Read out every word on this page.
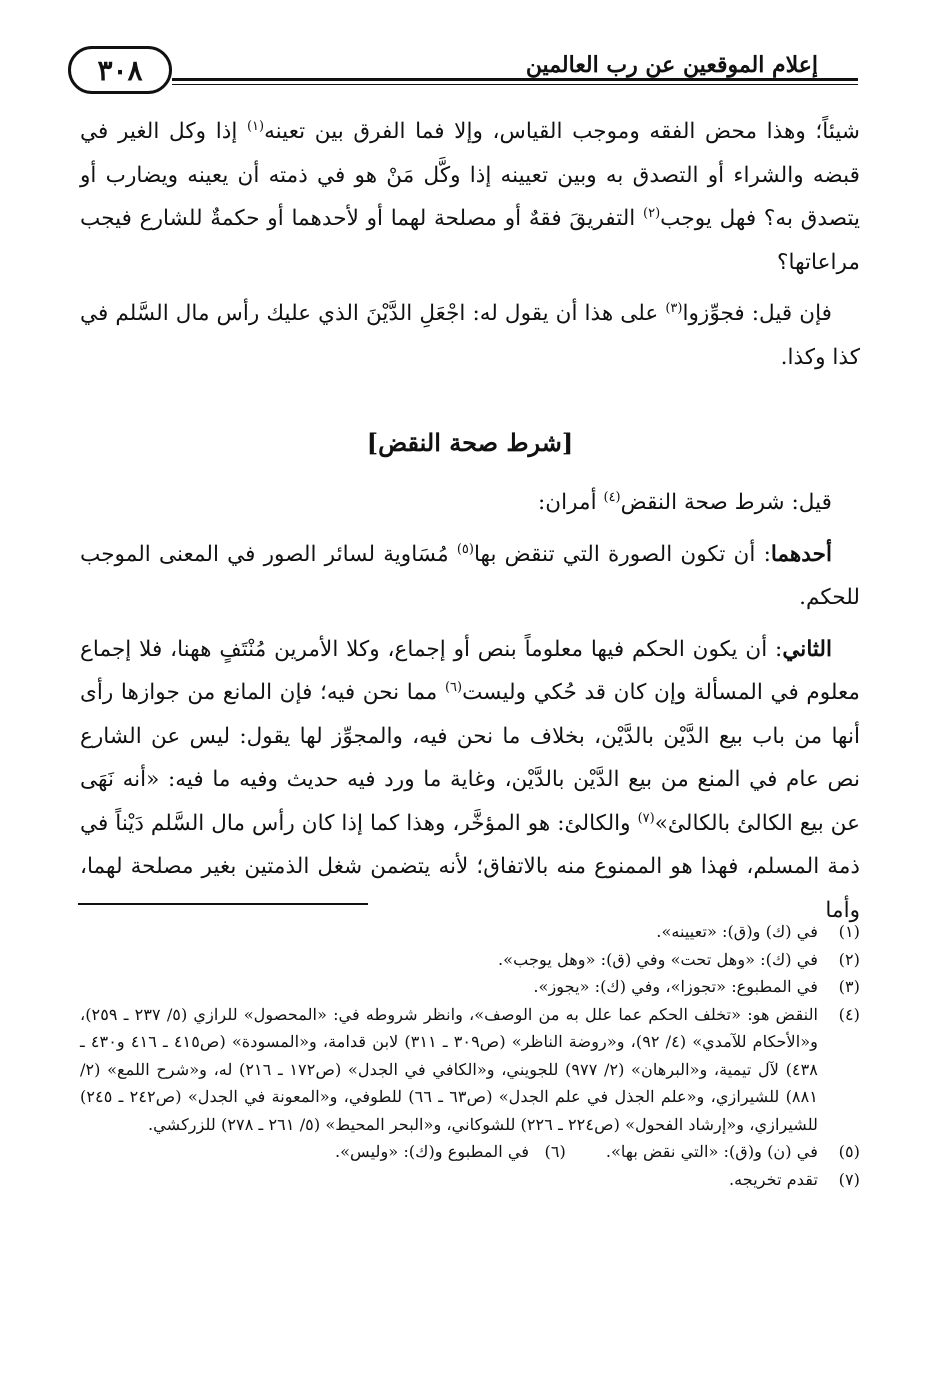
إعلام الموقعين عن رب العالمين
٣٠٨

شيئاً؛ وهذا محض الفقه وموجب القياس، وإلا فما الفرق بين تعينه$^{(١)}$ إذا وكل الغير في قبضه والشراء أو التصدق به وبين تعيينه إذا وكَّل مَنْ هو في ذمته أن يعينه ويضارب أو يتصدق به؟ فهل يوجب$^{(٢)}$ التفريقَ فقهٌ أو مصلحة لهما أو لأحدهما أو حكمةٌ للشارع فيجب مراعاتها؟

فإن قيل: فجوِّزوا$^{(٣)}$ على هذا أن يقول له: اجْعَلِ الدَّيْنَ الذي عليك رأس مال السَّلم في كذا وكذا.

[شرط صحة النقض]

قيل: شرط صحة النقض$^{(٤)}$ أمران:

أحدهما: أن تكون الصورة التي تنقض بها$^{(٥)}$ مُسَاوية لسائر الصور في المعنى الموجب للحكم.

الثاني: أن يكون الحكم فيها معلوماً بنص أو إجماع، وكلا الأمرين مُنْتَفٍ ههنا، فلا إجماع معلوم في المسألة وإن كان قد حُكي وليست$^{(٦)}$ مما نحن فيه؛ فإن المانع من جوازها رأى أنها من باب بيع الدَّيْن بالدَّيْن، بخلاف ما نحن فيه، والمجوِّز لها يقول: ليس عن الشارع نص عام في المنع من بيع الدَّيْن بالدَّيْن، وغاية ما ورد فيه حديث وفيه ما فيه: «أنه نَهَى عن بيع الكالئ بالكالئ»$^{(٧)}$ والكالئ: هو المؤخَّر، وهذا كما إذا كان رأس مال السَّلم دَيْناً في ذمة المسلم، فهذا هو الممنوع منه بالاتفاق؛ لأنه يتضمن شغل الذمتين بغير مصلحة لهما، وأما

(١)
في (ك) و(ق): «تعيينه».
(٢)
في (ك): «وهل تحت» وفي (ق): «وهل يوجب».
(٣)
في المطبوع: «تجوزا»، وفي (ك): «يجوز».
(٤)
النقض هو: «تخلف الحكم عما علل به من الوصف»، وانظر شروطه في: «المحصول» للرازي (٥/ ٢٣٧ ـ ٢٥٩)، و«الأحكام للآمدي» (٤/ ٩٢)، و«روضة الناظر» (ص٣٠٩ ـ ٣١١) لابن قدامة، و«المسودة» (ص٤١٥ ـ ٤١٦ و٤٣٠ ـ ٤٣٨) لآل تيمية، و«البرهان» (٢/ ٩٧٧) للجويني، و«الكافي في الجدل» (ص١٧٢ ـ ٢١٦) له، و«شرح اللمع» (٢/ ٨٨١) للشيرازي، و«علم الجذل في علم الجدل» (ص٦٣ ـ ٦٦) للطوفي، و«المعونة في الجدل» (ص٢٤٢ ـ ٢٤٥) للشيرازي، و«إرشاد الفحول» (ص٢٢٤ ـ ٢٢٦) للشوكاني، و«البحر المحيط» (٥/ ٢٦١ ـ ٢٧٨) للزركشي.
(٥)
في (ن) و(ق): «التي نقض بها».(٦)   في المطبوع و(ك): «وليس».
(٧)
تقدم تخريجه.
